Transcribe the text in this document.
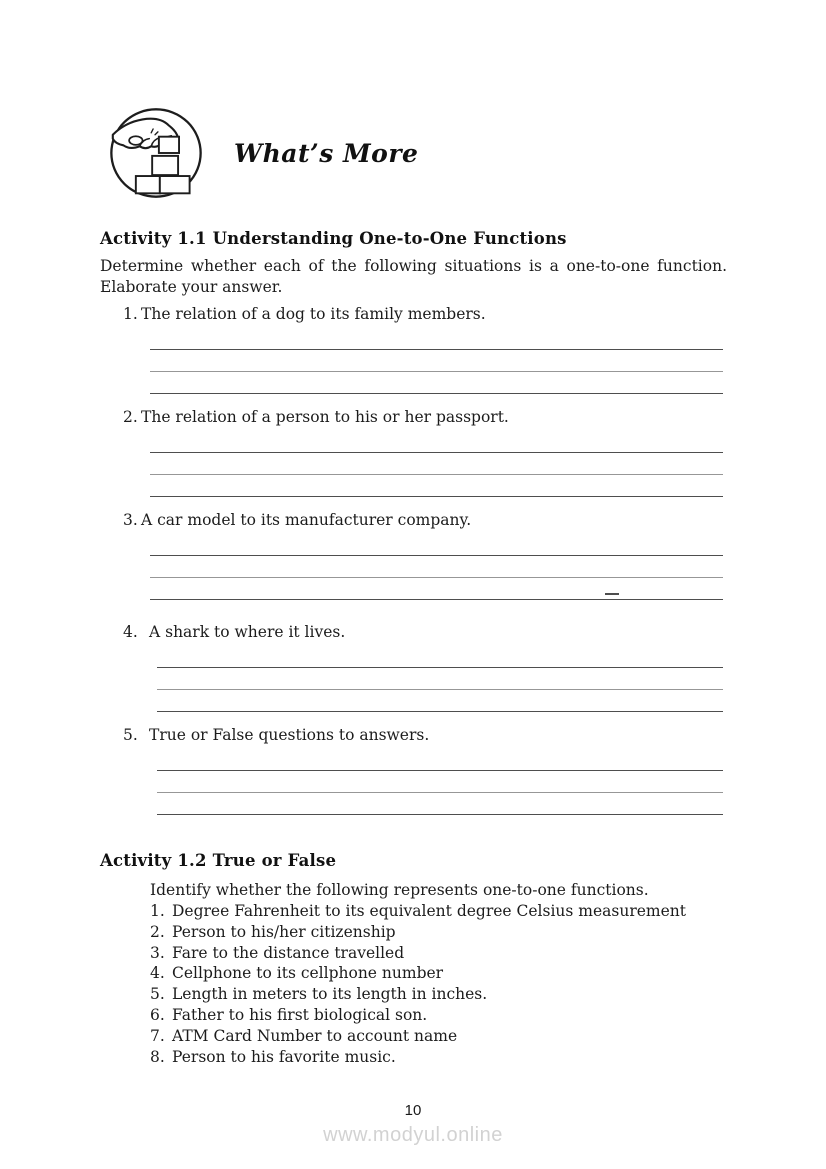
What’s More
Activity 1.1 Understanding One-to-One Functions

Determine whether each of the following situations is a one-to-one function. Elaborate your answer.

1. The relation of a dog to its family members.
2. The relation of a person to his or her passport.
3. A car model to its manufacturer company.
4. A shark to where it lives.
5. True or False questions to answers.
Activity 1.2 True or False

Identify whether the following represents one-to-one functions.

1. Degree Fahrenheit to its equivalent degree Celsius measurement
2. Person to his/her citizenship
3. Fare to the distance travelled
4. Cellphone to its cellphone number
5. Length in meters to its length in inches.
6. Father to his first biological son.
7. ATM Card Number to account name
8. Person to his favorite music.
10
www.modyul.online
